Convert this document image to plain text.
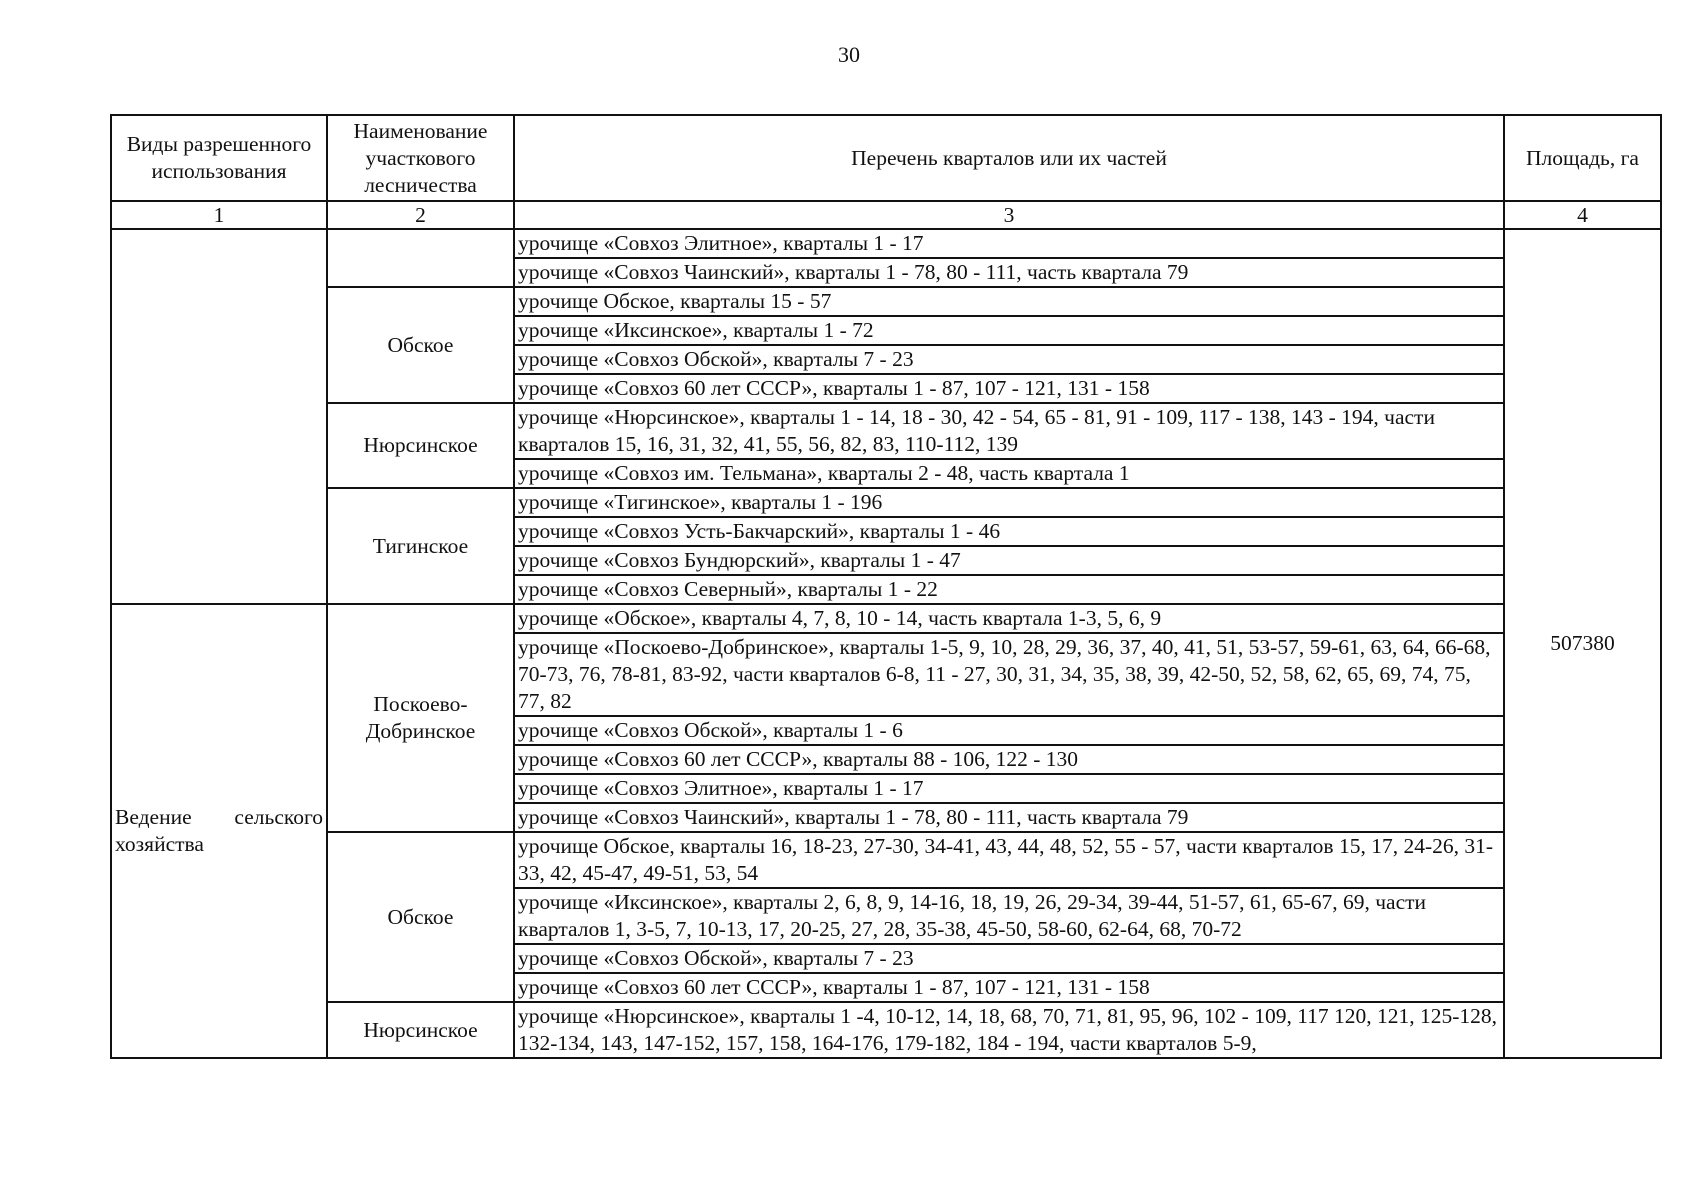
30
Виды разрешенного использования	Наименование участкового лесничества	Перечень кварталов или их частей	Площадь, га
1	2	3	4
		урочище «Совхоз Элитное», кварталы 1 - 17	507380
		урочище «Совхоз Чаинский», кварталы 1 - 78, 80 - 111, часть квартала 79	
	Обское	урочище Обское, кварталы 15 - 57	
		урочище «Иксинское», кварталы 1 - 72	
		урочище «Совхоз Обской», кварталы 7 - 23	
		урочище «Совхоз 60 лет СССР», кварталы 1 - 87, 107 - 121, 131 - 158	
	Нюрсинское	урочище «Нюрсинское», кварталы 1 - 14, 18 - 30, 42 - 54, 65 - 81, 91 - 109, 117 - 138, 143 - 194, части кварталов 15, 16, 31, 32, 41, 55, 56, 82, 83, 110-112, 139	
		урочище «Совхоз им. Тельмана», кварталы 2 - 48, часть квартала 1	
	Тигинское	урочище «Тигинское», кварталы 1 - 196	
		урочище «Совхоз Усть-Бакчарский», кварталы 1 - 46	
		урочище «Совхоз Бундюрский», кварталы 1 - 47	
		урочище «Совхоз Северный», кварталы 1 - 22	
Ведение сельского хозяйства	Поскоево-Добринское	урочище «Обское», кварталы 4, 7, 8, 10 - 14, часть квартала 1-3, 5, 6, 9	
		урочище «Поскоево-Добринское», кварталы 1-5, 9, 10, 28, 29, 36, 37, 40, 41, 51, 53-57, 59-61, 63, 64, 66-68, 70-73, 76, 78-81, 83-92, части кварталов 6-8, 11 - 27, 30, 31, 34, 35, 38, 39, 42-50, 52, 58, 62, 65, 69, 74, 75, 77, 82	
		урочище «Совхоз Обской», кварталы 1 - 6	
		урочище «Совхоз 60 лет СССР», кварталы 88 - 106, 122 - 130	
		урочище «Совхоз Элитное», кварталы 1 - 17	
		урочище «Совхоз Чаинский», кварталы 1 - 78, 80 - 111, часть квартала 79	
	Обское	урочище Обское, кварталы 16, 18-23, 27-30, 34-41, 43, 44, 48, 52, 55 - 57, части кварталов 15, 17, 24-26, 31-33, 42, 45-47, 49-51, 53, 54	
		урочище «Иксинское», кварталы 2, 6, 8, 9, 14-16, 18, 19, 26, 29-34, 39-44, 51-57, 61, 65-67, 69, части кварталов 1, 3-5, 7, 10-13, 17, 20-25, 27, 28, 35-38, 45-50, 58-60, 62-64, 68, 70-72	
		урочище «Совхоз Обской», кварталы 7 - 23	
		урочище «Совхоз 60 лет СССР», кварталы 1 - 87, 107 - 121, 131 - 158	
	Нюрсинское	урочище «Нюрсинское», кварталы 1 -4, 10-12, 14, 18, 68, 70, 71, 81, 95, 96, 102 - 109, 117 120, 121, 125-128, 132-134, 143, 147-152, 157, 158, 164-176, 179-182, 184 - 194, части кварталов 5-9,	
